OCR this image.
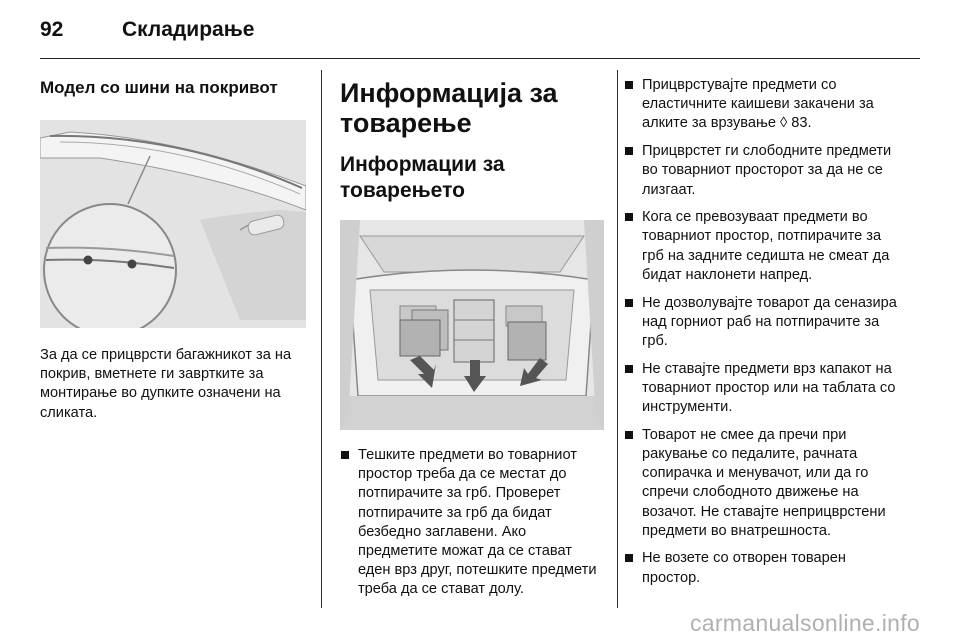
92	Складирање

Модел со шини на покривот

За да се прицврсти багажникот за на покрив, вметнете ги завртките за монтирање во дупките означени на сликата.

Информација за товарење

Информации за товарењето

Тешките предмети во товарниот простор треба да се местат до потпирачите за грб. Проверет потпирачите за грб да бидат безбедно заглавени. Ако предметите можат да се стават еден врз друг, потешките предмети треба да се стават долу.
Прицврстувајте предмети со еластичните каишеви закачени за алките за врзување ◊ 83.
Прицврстет ги слободните предмети во товарниот просторот за да не се лизгаат.
Кога се превозуваат предмети во товарниот простор, потпирачите за грб на задните седишта не смеат да бидат наклонети напред.
Не дозволувајте товарот да сеназира над горниот раб на потпирачите за грб.
Не ставајте предмети врз капакот на товарниот простор или на таблата со инструменти.
Товарот не смее да пречи при ракување со педалите, рачната сопирачка и менувачот, или да го спречи слободното движење на возачот. Не ставајте неприцврстени предмети во внатрешноста.
Не возете со отворен товарен простор.
carmanualsonline.info
